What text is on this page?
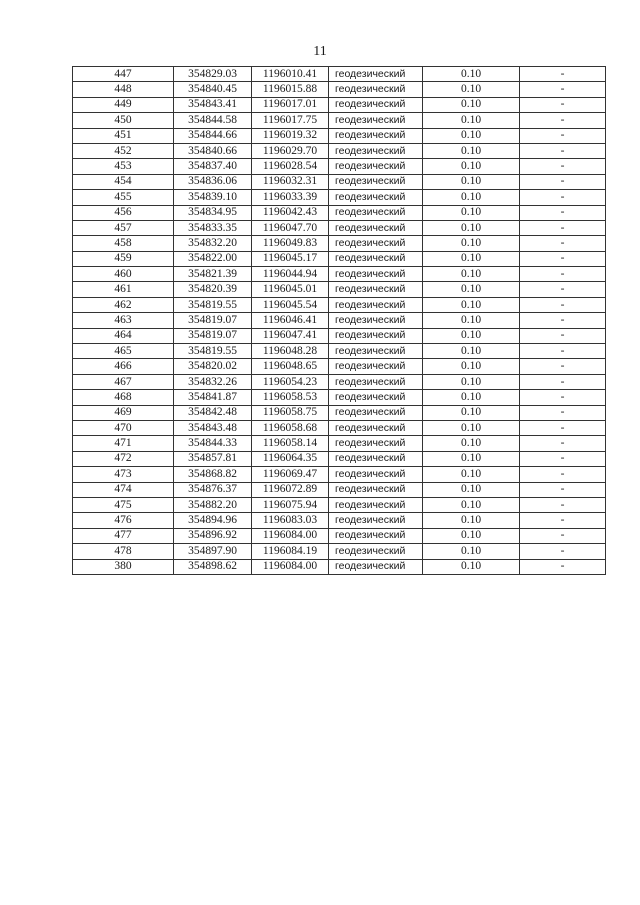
11
447	354829.03	1196010.41	геодезический	0.10	-
448	354840.45	1196015.88	геодезический	0.10	-
449	354843.41	1196017.01	геодезический	0.10	-
450	354844.58	1196017.75	геодезический	0.10	-
451	354844.66	1196019.32	геодезический	0.10	-
452	354840.66	1196029.70	геодезический	0.10	-
453	354837.40	1196028.54	геодезический	0.10	-
454	354836.06	1196032.31	геодезический	0.10	-
455	354839.10	1196033.39	геодезический	0.10	-
456	354834.95	1196042.43	геодезический	0.10	-
457	354833.35	1196047.70	геодезический	0.10	-
458	354832.20	1196049.83	геодезический	0.10	-
459	354822.00	1196045.17	геодезический	0.10	-
460	354821.39	1196044.94	геодезический	0.10	-
461	354820.39	1196045.01	геодезический	0.10	-
462	354819.55	1196045.54	геодезический	0.10	-
463	354819.07	1196046.41	геодезический	0.10	-
464	354819.07	1196047.41	геодезический	0.10	-
465	354819.55	1196048.28	геодезический	0.10	-
466	354820.02	1196048.65	геодезический	0.10	-
467	354832.26	1196054.23	геодезический	0.10	-
468	354841.87	1196058.53	геодезический	0.10	-
469	354842.48	1196058.75	геодезический	0.10	-
470	354843.48	1196058.68	геодезический	0.10	-
471	354844.33	1196058.14	геодезический	0.10	-
472	354857.81	1196064.35	геодезический	0.10	-
473	354868.82	1196069.47	геодезический	0.10	-
474	354876.37	1196072.89	геодезический	0.10	-
475	354882.20	1196075.94	геодезический	0.10	-
476	354894.96	1196083.03	геодезический	0.10	-
477	354896.92	1196084.00	геодезический	0.10	-
478	354897.90	1196084.19	геодезический	0.10	-
380	354898.62	1196084.00	геодезический	0.10	-
